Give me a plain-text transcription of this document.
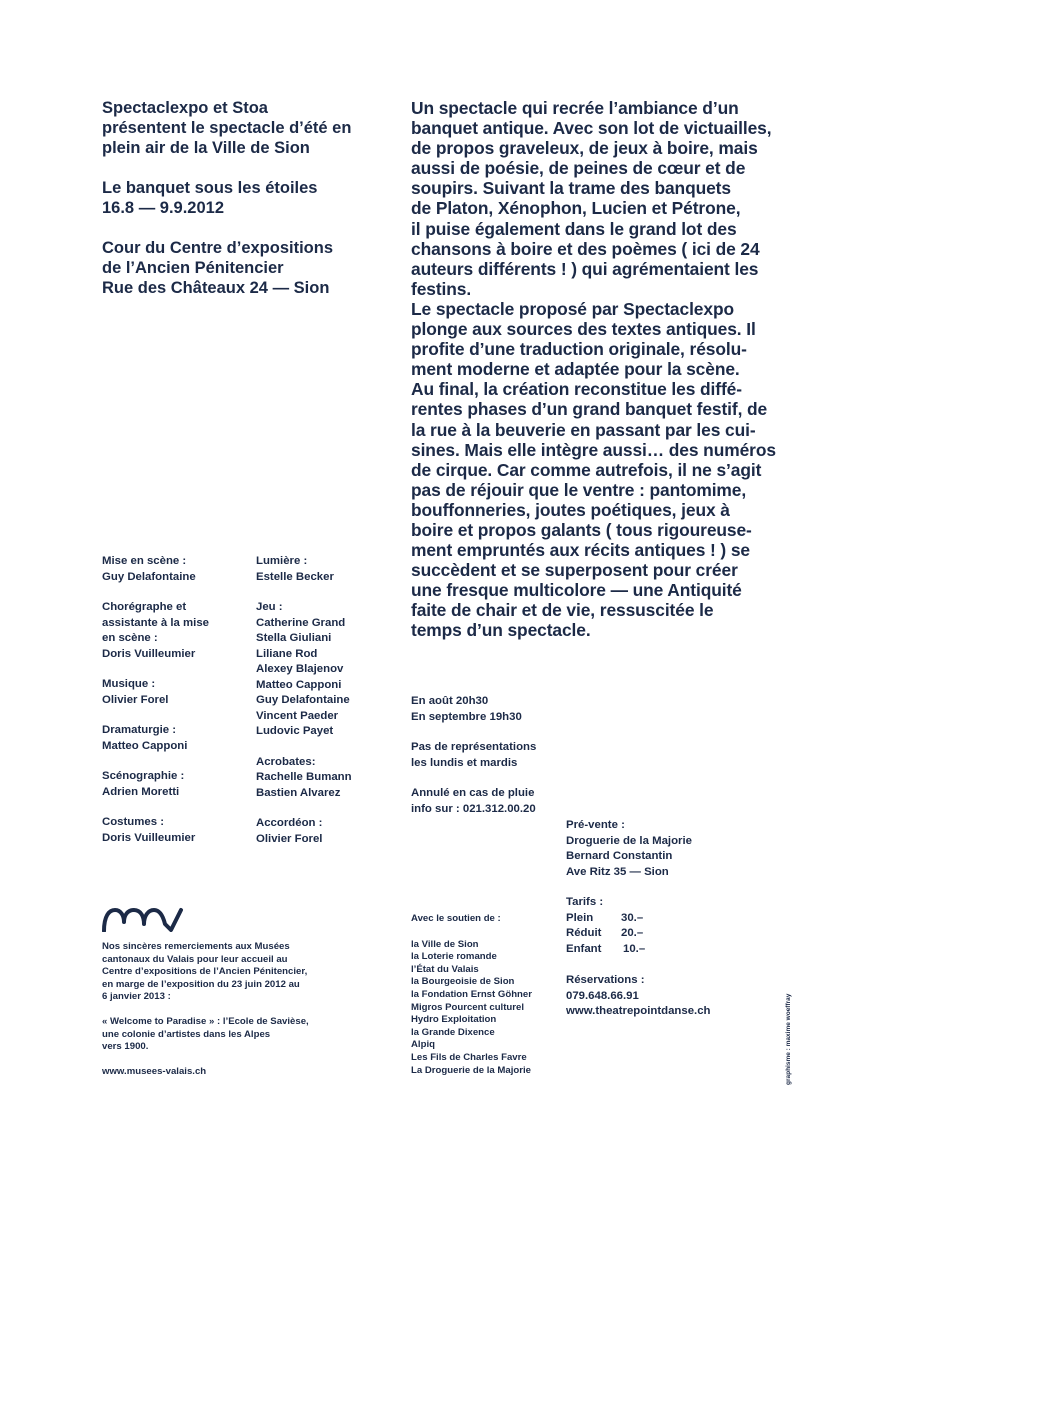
Spectaclexpo et Stoa
présentent le spectacle d’été en
plein air de la Ville de Sion

Le banquet sous les étoiles

16.8 — 9.9.2012

Cour du Centre d’expositions
de l’Ancien Pénitencier
Rue des Châteaux 24 — Sion

Un spectacle qui recrée l’ambiance d’un
banquet antique. Avec son lot de victuailles,
de propos graveleux, de jeux à boire, mais
aussi de poésie, de peines de cœur et de
soupirs. Suivant la trame des banquets
de Platon, Xénophon, Lucien et Pétrone,
il puise également dans le grand lot des
chansons à boire et des poèmes ( ici de 24
auteurs différents ! ) qui agrémentaient les
festins.

Le spectacle proposé par Spectaclexpo
plonge aux sources des textes antiques. Il
profite d’une traduction originale, résolu-
ment moderne et adaptée pour la scène.
Au final, la création reconstitue les diffé-
rentes phases d’un grand banquet festif, de
la rue à la beuverie en passant par les cui-
sines. Mais elle intègre aussi… des numéros
de cirque. Car comme autrefois, il ne s’agit
pas de réjouir que le ventre : pantomime,
bouffonneries, joutes poétiques, jeux à
boire et propos galants ( tous rigoureuse-
ment empruntés aux récits antiques ! ) se
succèdent et se superposent pour créer
une fresque multicolore — une Antiquité
faite de chair et de vie, ressuscitée le
temps d’un spectacle.

Mise en scène :
Guy Delafontaine
Chorégraphe et
assistante à la mise
en scène :
Doris Vuilleumier
Musique :
Olivier Forel
Dramaturgie :
Matteo Capponi
Scénographie :
Adrien Moretti
Costumes :
Doris Vuilleumier
Lumière :
Estelle Becker
Jeu :
Catherine Grand
Stella Giuliani
Liliane Rod
Alexey Blajenov
Matteo Capponi
Guy Delafontaine
Vincent Paeder
Ludovic Payet
Acrobates:
Rachelle Bumann
Bastien Alvarez
Accordéon :
Olivier Forel
En août 20h30
En septembre 19h30
Pas de représentations
les lundis et mardis
Annulé en cas de pluie
info sur : 021.312.00.20
Pré-vente :
Droguerie de la Majorie
Bernard Constantin
Ave Ritz 35 — Sion
Tarifs :
Plein	30.–
Réduit	20.–
Enfant	10.–
Réservations :
079.648.66.91
www.theatrepointdanse.ch
Nos sincères remerciements aux Musées
cantonaux du Valais pour leur accueil au
Centre d’expositions de l’Ancien Pénitencier,
en marge de l’exposition du 23 juin 2012 au
6 janvier 2013 :
« Welcome to Paradise » : l’Ecole de Savièse,
une colonie d’artistes dans les Alpes
vers 1900.
www.musees-valais.ch
Avec le soutien de :
la Ville de Sion
la Loterie romande
l’État du Valais
la Bourgeoisie de Sion
la Fondation Ernst Göhner
Migros Pourcent culturel
Hydro Exploitation
la Grande Dixence
Alpiq
Les Fils de Charles Favre
La Droguerie de la Majorie	graphisme : maxime woeffray
